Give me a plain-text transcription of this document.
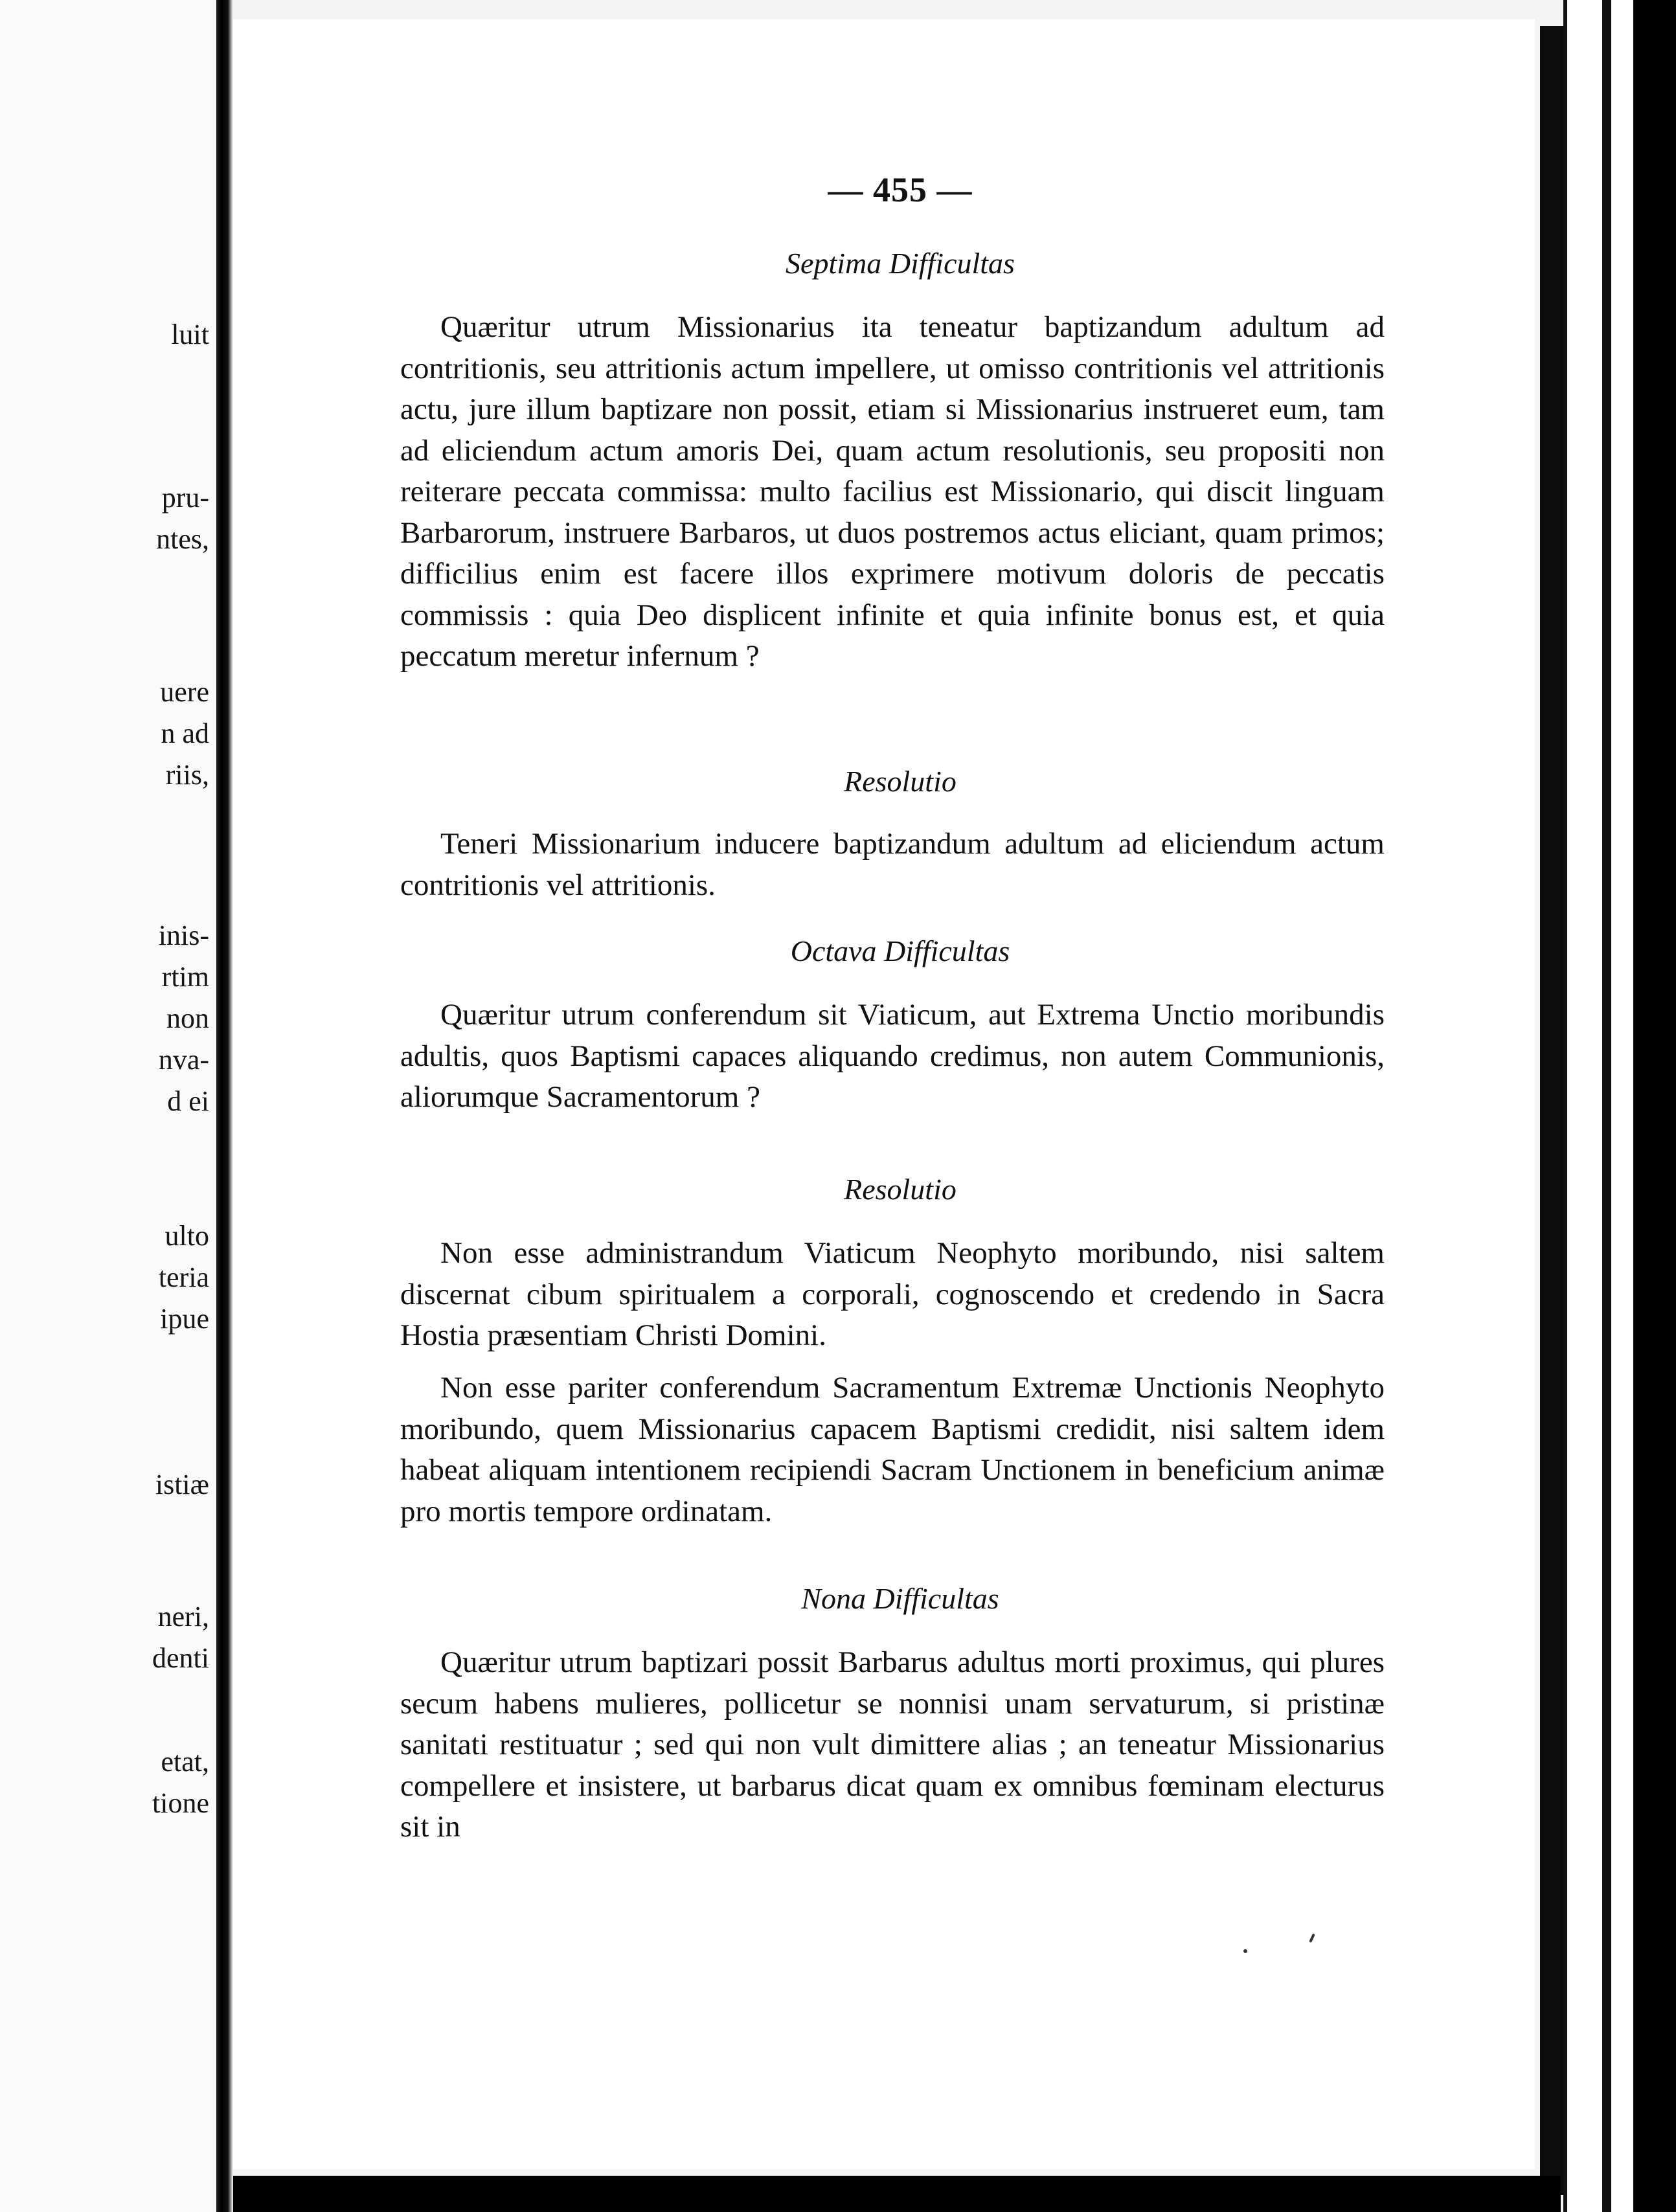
luit
pru-
ntes,
uere
n ad
riis,
inis-
rtim
non
nva-
d ei
ulto
teria
ipue
istiæ
neri,
denti
etat,
tione
— 455 —
Septima Difficultas

Quæritur utrum Missionarius ita teneatur baptizandum adultum ad contritionis, seu attritionis actum impellere, ut omisso contritionis vel attritionis actu, jure illum baptizare non possit, etiam si Missionarius instrueret eum, tam ad eliciendum actum amoris Dei, quam actum resolutionis, seu propositi non reiterare peccata commissa: multo facilius est Missionario, qui discit linguam Barbarorum, instruere Barbaros, ut duos postremos actus eliciant, quam primos; difficilius enim est facere illos exprimere motivum doloris de peccatis commissis : quia Deo displicent infinite et quia infinite bonus est, et quia peccatum meretur infernum ?

Resolutio

Teneri Missionarium inducere baptizandum adultum ad eliciendum actum contritionis vel attritionis.

Octava Difficultas

Quæritur utrum conferendum sit Viaticum, aut Extrema Unctio moribundis adultis, quos Baptismi capaces aliquando credimus, non autem Communionis, aliorumque Sacramentorum ?

Resolutio

Non esse administrandum Viaticum Neophyto moribundo, nisi saltem discernat cibum spiritualem a corporali, cognoscendo et credendo in Sacra Hostia præsentiam Christi Domini.

Non esse pariter conferendum Sacramentum Extremæ Unctionis Neophyto moribundo, quem Missionarius capacem Baptismi credidit, nisi saltem idem habeat aliquam intentionem recipiendi Sacram Unctionem in beneficium animæ pro mortis tempore ordinatam.

Nona Difficultas

Quæritur utrum baptizari possit Barbarus adultus morti proximus, qui plures secum habens mulieres, pollicetur se nonnisi unam servaturum, si pristinæ sanitati restituatur ; sed qui non vult dimittere alias ; an teneatur Missionarius compellere et insistere, ut barbarus dicat quam ex omnibus fœminam electurus sit in
